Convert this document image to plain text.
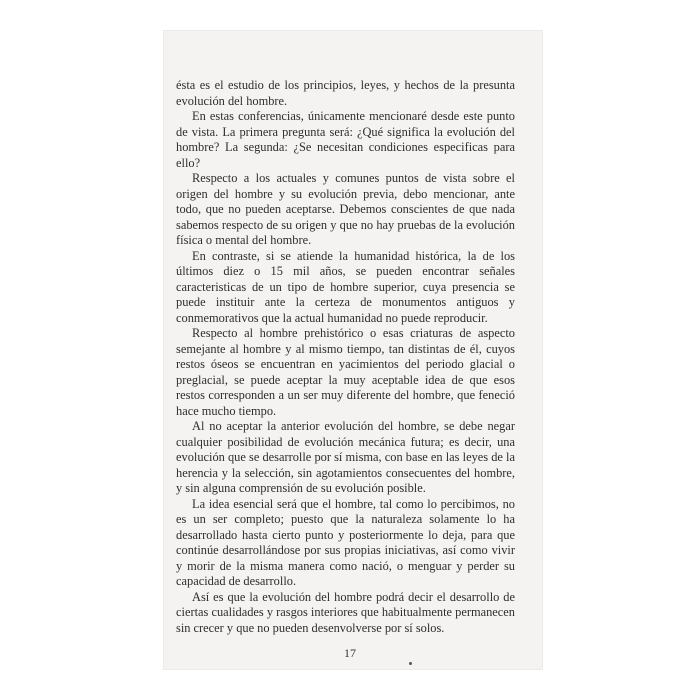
ésta es el estudio de los principios, leyes, y hechos de la presunta evolución del hombre.

En estas conferencias, únicamente mencionaré desde este punto de vista. La primera pregunta será: ¿Qué significa la evolución del hombre? La segunda: ¿Se necesitan condiciones especificas para ello?

Respecto a los actuales y comunes puntos de vista sobre el origen del hombre y su evolución previa, debo mencionar, ante todo, que no pueden aceptarse. Debemos conscientes de que nada sabemos respecto de su origen y que no hay pruebas de la evolución física o mental del hombre.

En contraste, si se atiende la humanidad histórica, la de los últimos diez o 15 mil años, se pueden encontrar señales caracteristicas de un tipo de hombre superior, cuya presencia se puede instituir ante la certeza de monumentos antiguos y conmemorativos que la actual humanidad no puede reproducir.

Respecto al hombre prehistórico o esas criaturas de aspecto semejante al hombre y al mismo tiempo, tan distintas de él, cuyos restos óseos se encuentran en yacimientos del periodo glacial o preglacial, se puede aceptar la muy aceptable idea de que esos restos corresponden a un ser muy diferente del hombre, que feneció hace mucho tiempo.

Al no aceptar la anterior evolución del hombre, se debe negar cualquier posibilidad de evolución mecánica futura; es decir, una evolución que se desarrolle por sí misma, con base en las leyes de la herencia y la selección, sin agotamientos consecuentes del hombre, y sin alguna comprensión de su evolución posible.

La idea esencial será que el hombre, tal como lo percibimos, no es un ser completo; puesto que la naturaleza solamente lo ha desarrollado hasta cierto punto y posteriormente lo deja, para que continúe desarrollándose por sus propias iniciativas, así como vivir y morir de la misma manera como nació, o menguar y perder su capacidad de desarrollo.

Así es que la evolución del hombre podrá decir el desarrollo de ciertas cualidades y rasgos interiores que habitualmente permanecen sin crecer y que no pueden desenvolverse por sí solos.

17
